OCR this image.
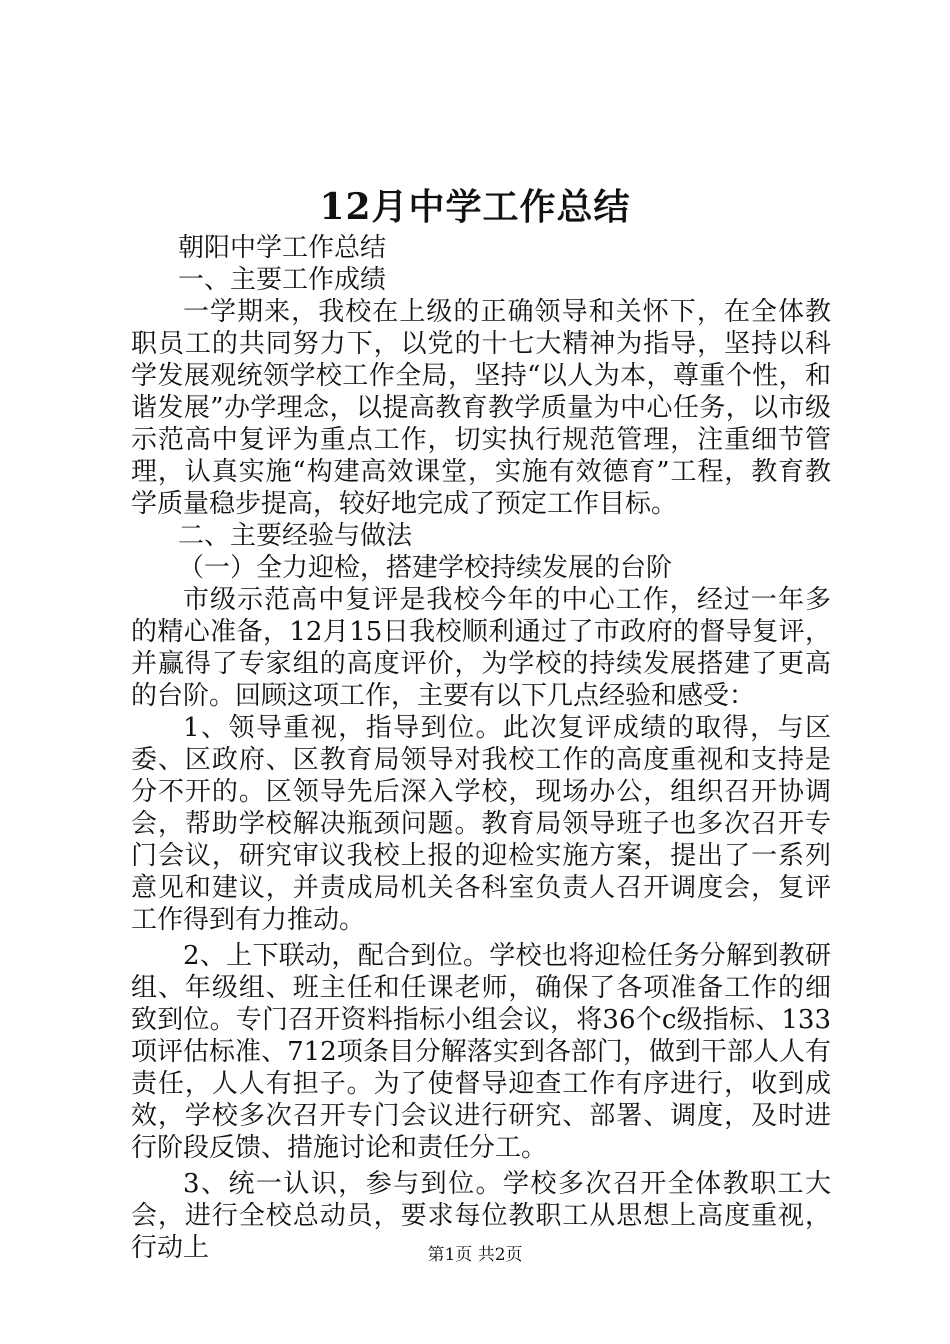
12月中学工作总结

朝阳中学工作总结

一、主要工作成绩

一学期来，我校在上级的正确领导和关怀下，在全体教职员工的共同努力下，以党的十七大精神为指导，坚持以科学发展观统领学校工作全局，坚持“以人为本，尊重个性，和谐发展”办学理念，以提高教育教学质量为中心任务，以市级示范高中复评为重点工作，切实执行规范管理，注重细节管理，认真实施“构建高效课堂，实施有效德育”工程，教育教学质量稳步提高，较好地完成了预定工作目标。

二、主要经验与做法

（一）全力迎检，搭建学校持续发展的台阶

市级示范高中复评是我校今年的中心工作，经过一年多的精心准备，12月15日我校顺利通过了市政府的督导复评，并赢得了专家组的高度评价，为学校的持续发展搭建了更高的台阶。回顾这项工作，主要有以下几点经验和感受：

1、领导重视，指导到位。此次复评成绩的取得，与区委、区政府、区教育局领导对我校工作的高度重视和支持是分不开的。区领导先后深入学校，现场办公，组织召开协调会，帮助学校解决瓶颈问题。教育局领导班子也多次召开专门会议，研究审议我校上报的迎检实施方案，提出了一系列意见和建议，并责成局机关各科室负责人召开调度会，复评工作得到有力推动。

2、上下联动，配合到位。学校也将迎检任务分解到教研组、年级组、班主任和任课老师，确保了各项准备工作的细致到位。专门召开资料指标小组会议，将36个c级指标、133项评估标准、712项条目分解落实到各部门，做到干部人人有责任，人人有担子。为了使督导迎查工作有序进行，收到成效，学校多次召开专门会议进行研究、部署、调度，及时进行阶段反馈、措施讨论和责任分工。

3、统一认识，参与到位。学校多次召开全体教职工大会，进行全校总动员，要求每位教职工从思想上高度重视，行动上	第1页 共2页
